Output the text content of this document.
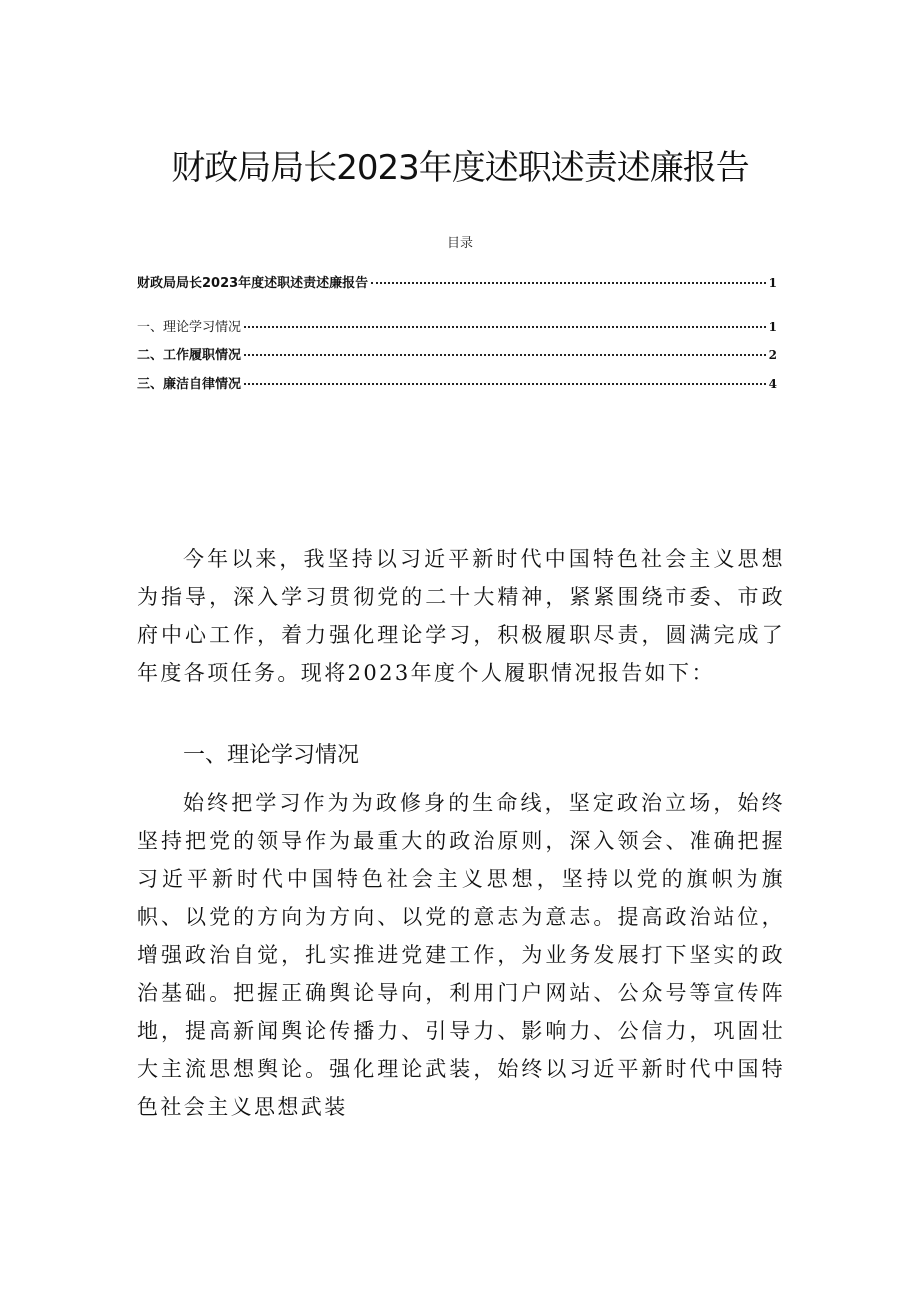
财政局局长2023年度述职述责述廉报告
目录
财政局局长2023年度述职述责述廉报告	1
一、理论学习情况	1
二、工作履职情况	2
三、廉洁自律情况	4

今年以来，我坚持以习近平新时代中国特色社会主义思想为指导，深入学习贯彻党的二十大精神，紧紧围绕市委、市政府中心工作，着力强化理论学习，积极履职尽责，圆满完成了年度各项任务。现将2023年度个人履职情况报告如下：

一、理论学习情况

始终把学习作为为政修身的生命线，坚定政治立场，始终坚持把党的领导作为最重大的政治原则，深入领会、准确把握习近平新时代中国特色社会主义思想，坚持以党的旗帜为旗帜、以党的方向为方向、以党的意志为意志。提高政治站位，增强政治自觉，扎实推进党建工作，为业务发展打下坚实的政治基础。把握正确舆论导向，利用门户网站、公众号等宣传阵地，提高新闻舆论传播力、引导力、影响力、公信力，巩固壮大主流思想舆论。强化理论武装，始终以习近平新时代中国特色社会主义思想武装
